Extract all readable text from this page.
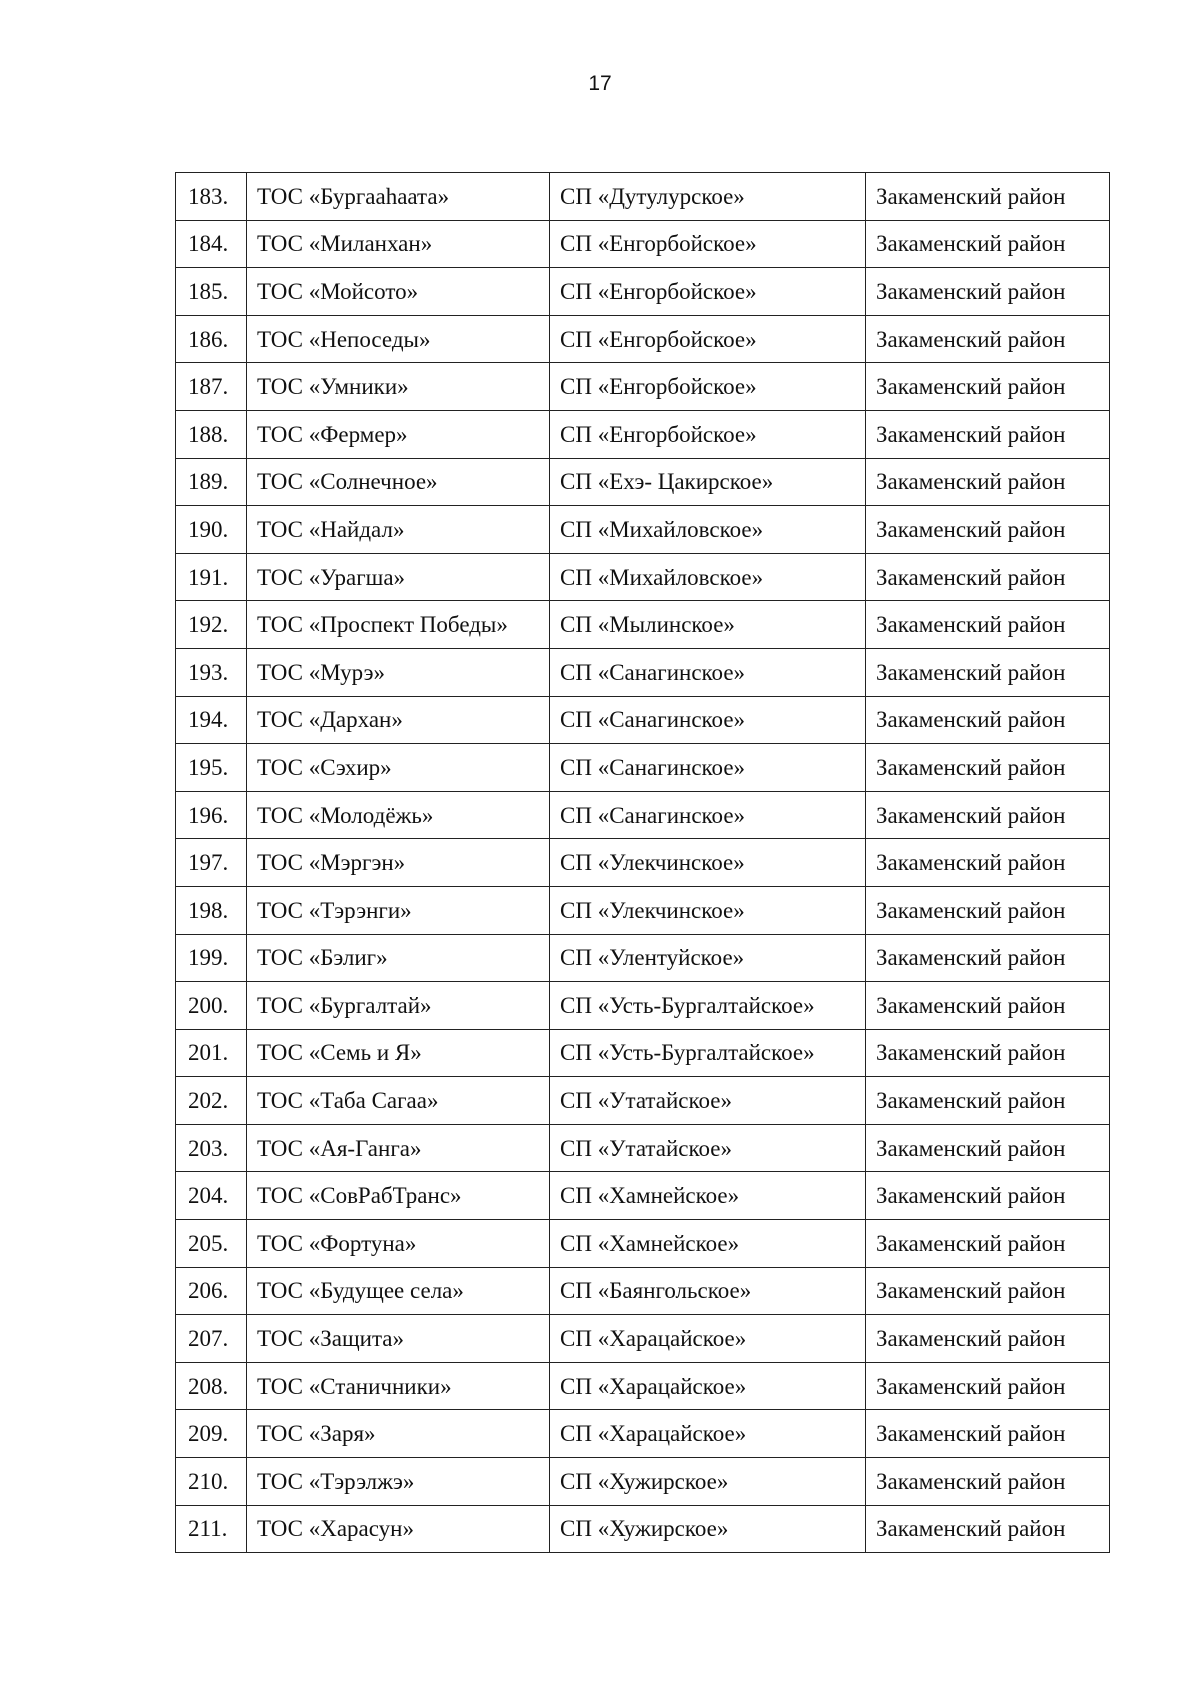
17
183.	ТОС «Бургааhаата»	СП «Дутулурское»	Закаменский район
184.	ТОС «Миланхан»	СП «Енгорбойское»	Закаменский район
185.	ТОС «Мойсото»	СП «Енгорбойское»	Закаменский район
186.	ТОС «Непоседы»	СП «Енгорбойское»	Закаменский район
187.	ТОС «Умники»	СП «Енгорбойское»	Закаменский район
188.	ТОС «Фермер»	СП «Енгорбойское»	Закаменский район
189.	ТОС «Солнечное»	СП «Ехэ- Цакирское»	Закаменский район
190.	ТОС «Найдал»	СП «Михайловское»	Закаменский район
191.	ТОС «Урагша»	СП «Михайловское»	Закаменский район
192.	ТОС «Проспект Победы»	СП «Мылинское»	Закаменский район
193.	ТОС «Мурэ»	СП «Санагинское»	Закаменский район
194.	ТОС «Дархан»	СП «Санагинское»	Закаменский район
195.	ТОС «Сэхир»	СП «Санагинское»	Закаменский район
196.	ТОС «Молодёжь»	СП «Санагинское»	Закаменский район
197.	ТОС «Мэргэн»	СП «Улекчинское»	Закаменский район
198.	ТОС «Тэрэнги»	СП «Улекчинское»	Закаменский район
199.	ТОС «Бэлиг»	СП «Улентуйское»	Закаменский район
200.	ТОС «Бургалтай»	СП «Усть-Бургалтайское»	Закаменский район
201.	ТОС «Семь и Я»	СП «Усть-Бургалтайское»	Закаменский район
202.	ТОС «Таба Сагаа»	СП «Утатайское»	Закаменский район
203.	ТОС «Ая-Ганга»	СП «Утатайское»	Закаменский район
204.	ТОС «СовРабТранс»	СП «Хамнейское»	Закаменский район
205.	ТОС «Фортуна»	СП «Хамнейское»	Закаменский район
206.	ТОС «Будущее села»	СП «Баянгольское»	Закаменский район
207.	ТОС «Защита»	СП «Харацайское»	Закаменский район
208.	ТОС «Станичники»	СП «Харацайское»	Закаменский район
209.	ТОС «Заря»	СП «Харацайское»	Закаменский район
210.	ТОС «Тэрэлжэ»	СП «Хужирское»	Закаменский район
211.	ТОС «Харасун»	СП «Хужирское»	Закаменский район
